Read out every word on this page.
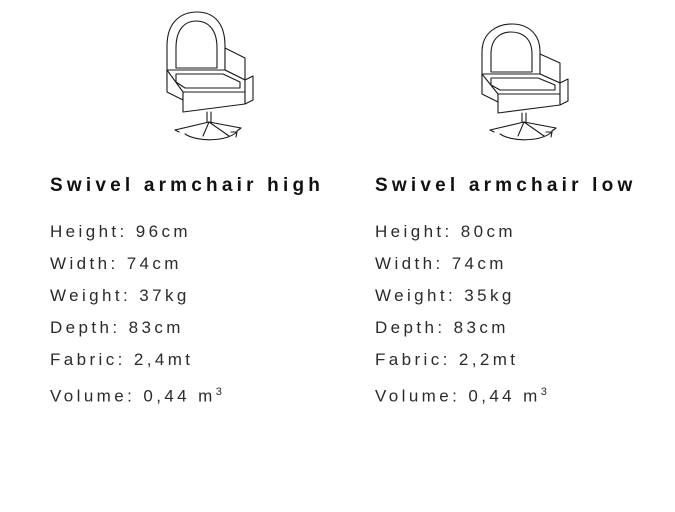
Swivel armchair high
Height: 96cm
Width: 74cm
Weight: 37kg
Depth: 83cm
Fabric: 2,4mt
Volume: 0,44 $m^3$
Swivel armchair low
Height: 80cm
Width: 74cm
Weight: 35kg
Depth: 83cm
Fabric: 2,2mt
Volume: 0,44 $m^3$
